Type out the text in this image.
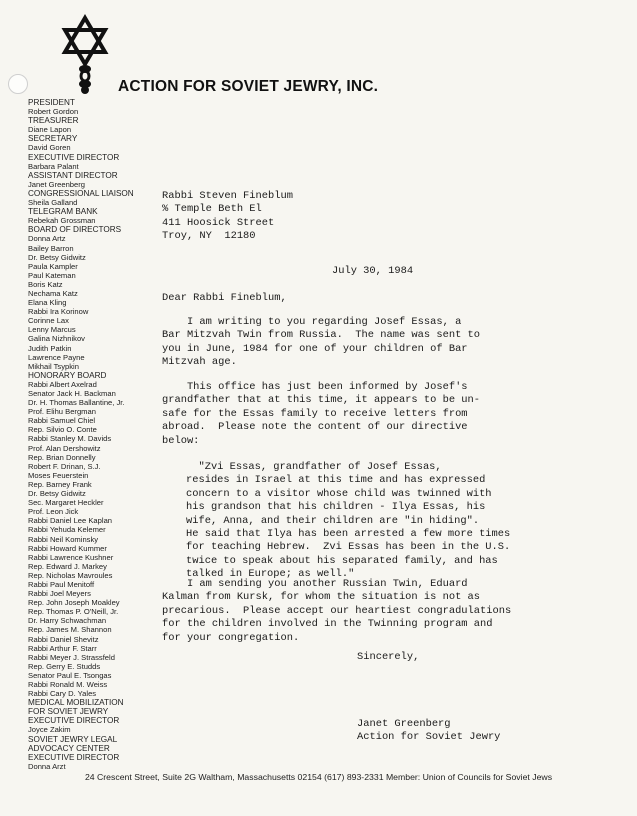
ACTION FOR SOVIET JEWRY, INC.
PRESIDENT
Robert Gordon
TREASURER
Diane Lapon
SECRETARY
David Goren
EXECUTIVE DIRECTOR
Barbara Palant
ASSISTANT DIRECTOR
Janet Greenberg
CONGRESSIONAL LIAISON
Sheila Galland
TELEGRAM BANK
Rebekah Grossman
BOARD OF DIRECTORS
Donna Artz
Bailey Barron
Dr. Betsy Gidwitz
Paula Kampler
Paul Kateman
Boris Katz
Nechama Katz
Elana Kling
Rabbi Ira Korinow
Corinne Lax
Lenny Marcus
Galina Nizhnikov
Judith Patkin
Lawrence Payne
Mikhail Tsypkin
HONORARY BOARD
Rabbi Albert Axelrad
Senator Jack H. Backman
Dr. H. Thomas Ballantine, Jr.
Prof. Elihu Bergman
Rabbi Samuel Chiel
Rep. Silvio O. Conte
Rabbi Stanley M. Davids
Prof. Alan Dershowitz
Rep. Brian Donnelly
Robert F. Drinan, S.J.
Moses Feuerstein
Rep. Barney Frank
Dr. Betsy Gidwitz
Sec. Margaret Heckler
Prof. Leon Jick
Rabbi Daniel Lee Kaplan
Rabbi Yehuda Kelemer
Rabbi Neil Kominsky
Rabbi Howard Kummer
Rabbi Lawrence Kushner
Rep. Edward J. Markey
Rep. Nicholas Mavroules
Rabbi Paul Menitoff
Rabbi Joel Meyers
Rep. John Joseph Moakley
Rep. Thomas P. O'Neill, Jr.
Dr. Harry Schwachman
Rep. James M. Shannon
Rabbi Daniel Shevitz
Rabbi Arthur F. Starr
Rabbi Meyer J. Strassfeld
Rep. Gerry E. Studds
Senator Paul E. Tsongas
Rabbi Ronald M. Weiss
Rabbi Cary D. Yales
MEDICAL MOBILIZATION
FOR SOVIET JEWRY
EXECUTIVE DIRECTOR
Joyce Zakim
SOVIET JEWRY LEGAL
ADVOCACY CENTER
EXECUTIVE DIRECTOR
Donna Arzt
Rabbi Steven Fineblum
% Temple Beth El
411 Hoosick Street
Troy, NY  12180
July 30, 1984
Dear Rabbi Fineblum,
I am writing to you regarding Josef Essas, a
Bar Mitzvah Twin from Russia.  The name was sent to
you in June, 1984 for one of your children of Bar
Mitzvah age.
This office has just been informed by Josef's
grandfather that at this time, it appears to be un-
safe for the Essas family to receive letters from
abroad.  Please note the content of our directive
below:
"Zvi Essas, grandfather of Josef Essas,
resides in Israel at this time and has expressed
concern to a visitor whose child was twinned with
his grandson that his children - Ilya Essas, his
wife, Anna, and their children are "in hiding".
He said that Ilya has been arrested a few more times
for teaching Hebrew.  Zvi Essas has been in the U.S.
twice to speak about his separated family, and has
talked in Europe; as well."
I am sending you another Russian Twin, Eduard
Kalman from Kursk, for whom the situation is not as
precarious.  Please accept our heartiest congradulations
for the children involved in the Twinning program and
for your congregation.
Sincerely,
Janet Greenberg
Action for Soviet Jewry
24 Crescent Street, Suite 2G Waltham, Massachusetts 02154 (617) 893-2331 Member: Union of Councils for Soviet Jews
